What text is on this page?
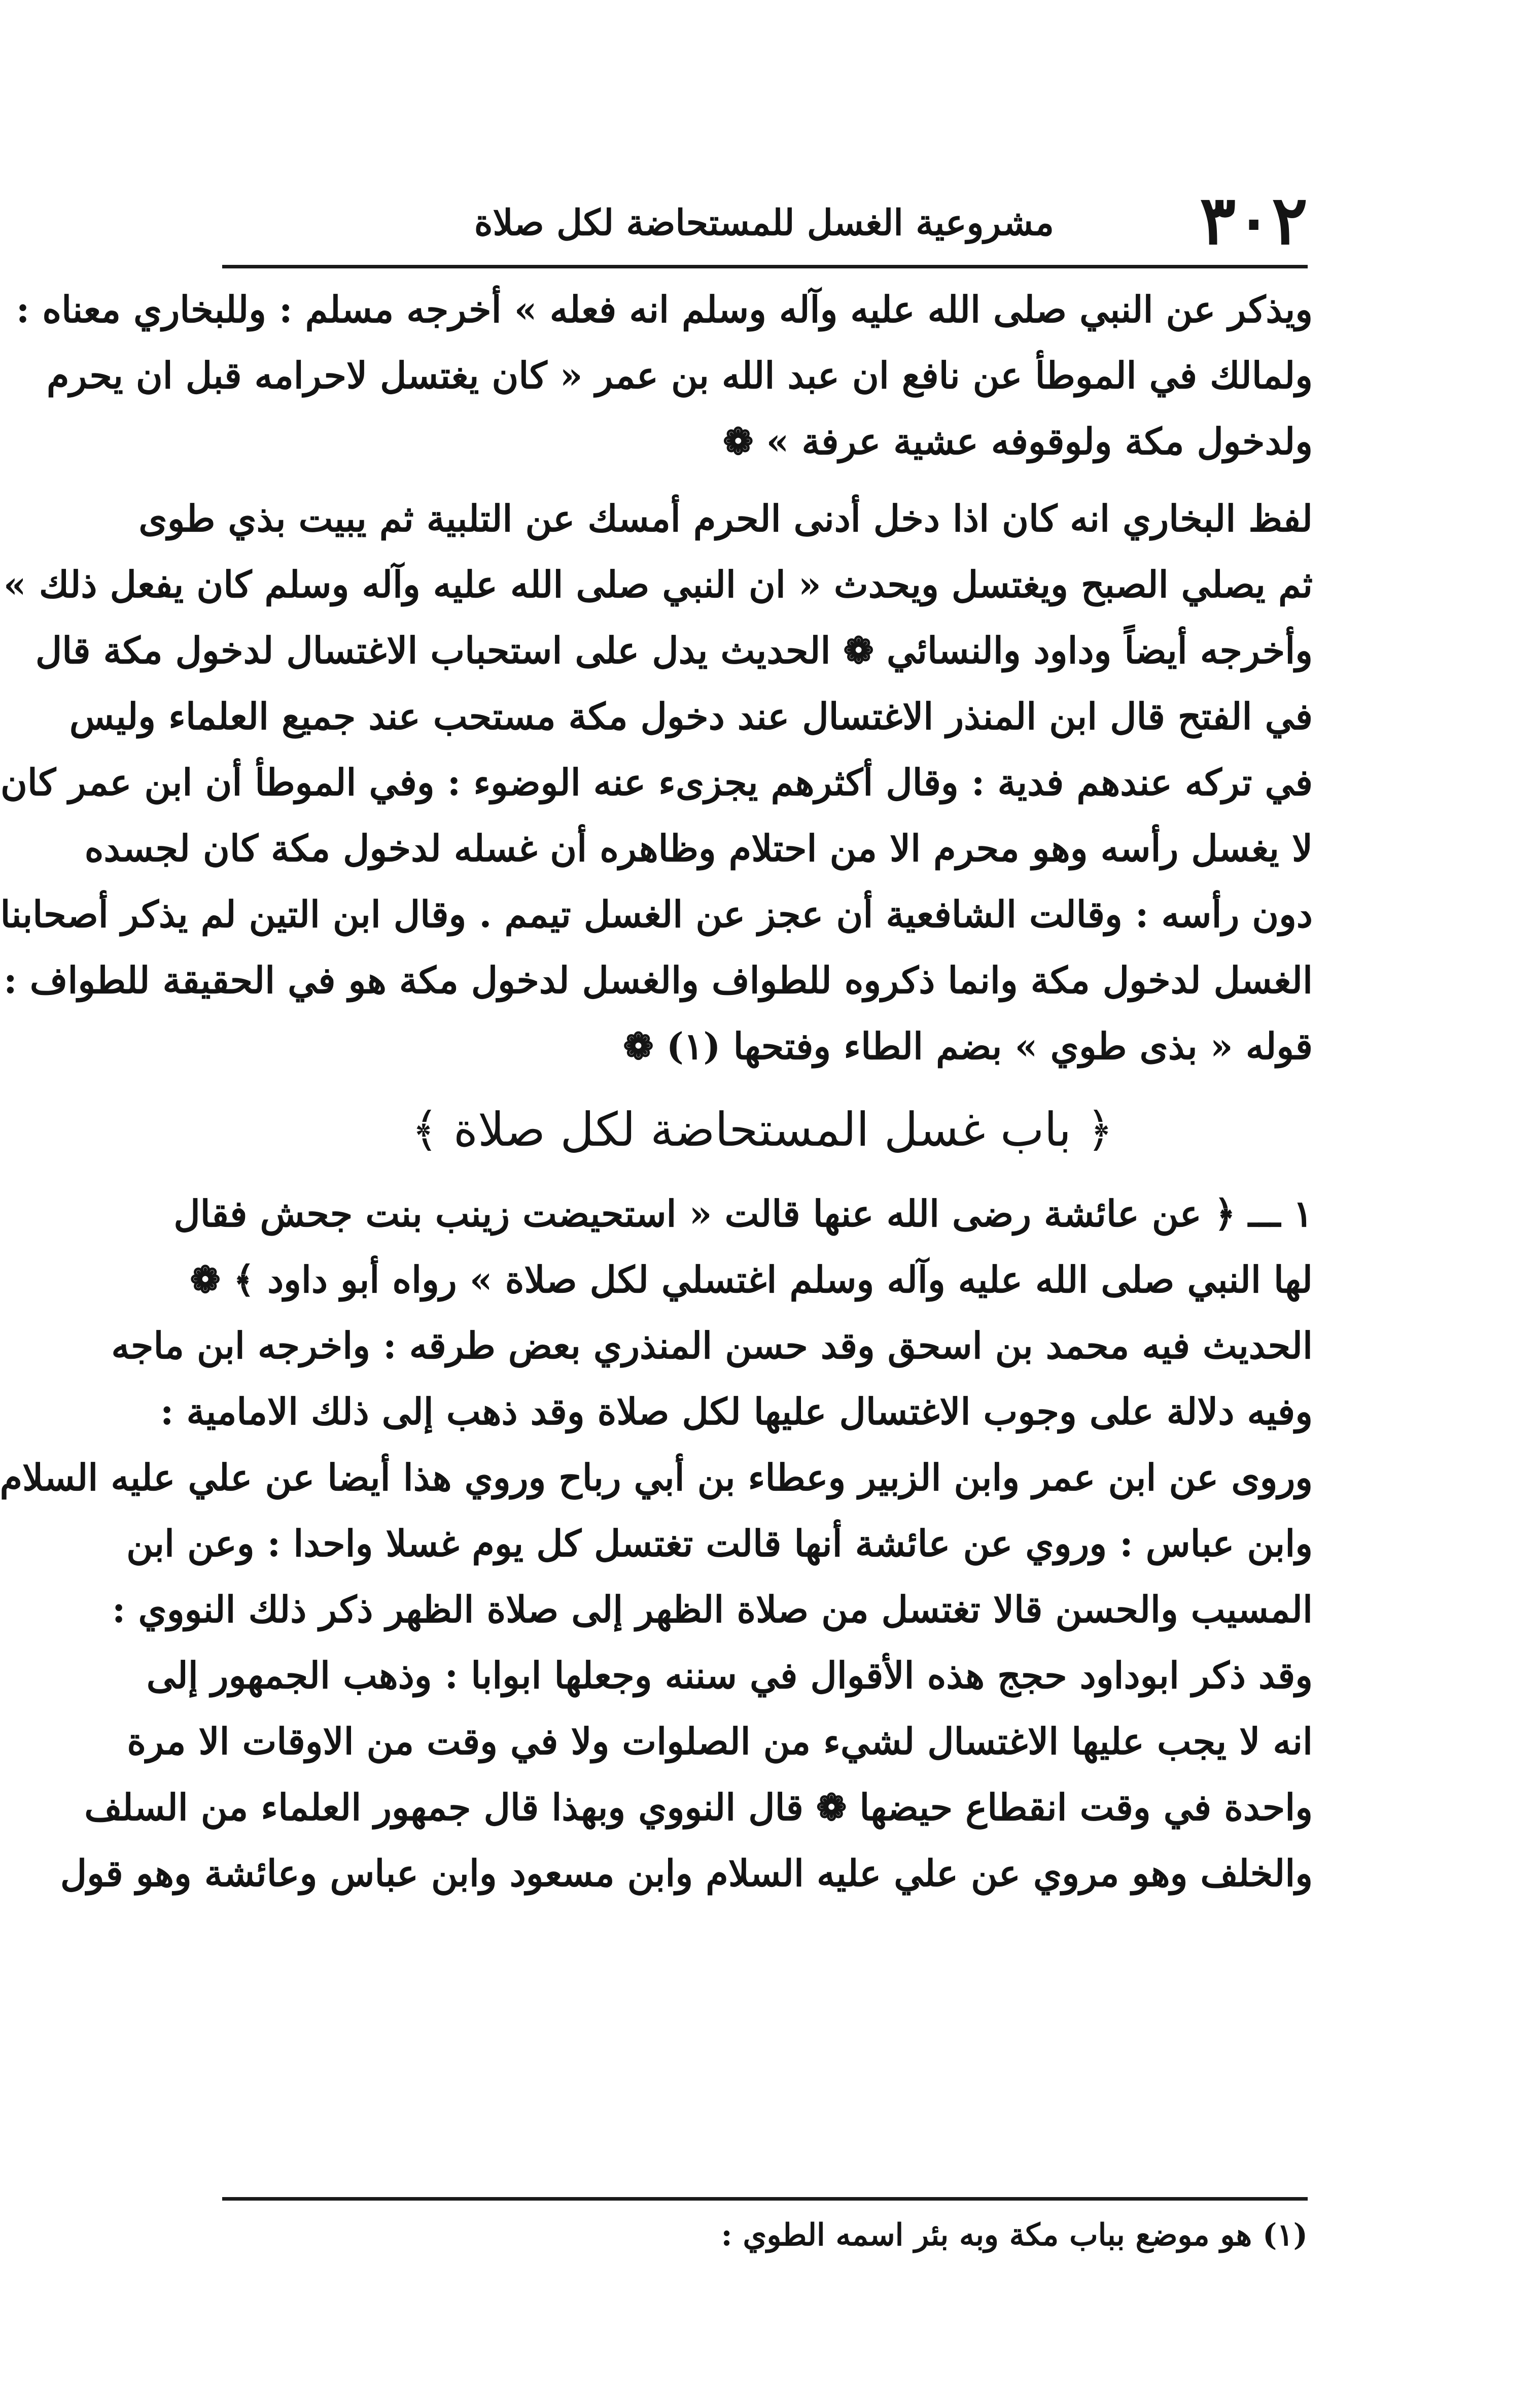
٣٠٢
مشروعية الغسل للمستحاضة لكل صلاة
ويذكر عن النبي صلى الله عليه وآله وسلم انه فعله » أخرجه مسلم : وللبخاري معناه :
ولمالك في الموطأ عن نافع ان عبد الله بن عمر « كان يغتسل لاحرامه قبل ان يحرم
ولدخول مكة ولوقوفه عشية عرفة » ❁
لفظ البخاري انه كان اذا دخل أدنى الحرم أمسك عن التلبية ثم يبيت بذي طوى
ثم يصلي الصبح ويغتسل ويحدث « ان النبي صلى الله عليه وآله وسلم كان يفعل ذلك »
وأخرجه أيضاً وداود والنسائي ❁ الحديث يدل على استحباب الاغتسال لدخول مكة قال
في الفتح قال ابن المنذر الاغتسال عند دخول مكة مستحب عند جميع العلماء وليس
في تركه عندهم فدية : وقال أكثرهم يجزىء عنه الوضوء : وفي الموطأ أن ابن عمر كان
لا يغسل رأسه وهو محرم الا من احتلام وظاهره أن غسله لدخول مكة كان لجسده
دون رأسه : وقالت الشافعية أن عجز عن الغسل تيمم . وقال ابن التين لم يذكر أصحابنا
الغسل لدخول مكة وانما ذكروه للطواف والغسل لدخول مكة هو في الحقيقة للطواف :
قوله « بذى طوي » بضم الطاء وفتحها (١) ❁
﴿ باب غسل المستحاضة لكل صلاة ﴾
١ ـــ ﴿ عن عائشة رضى الله عنها قالت « استحيضت زينب بنت جحش فقال
لها النبي صلى الله عليه وآله وسلم اغتسلي لكل صلاة » رواه أبو داود ﴾ ❁
الحديث فيه محمد بن اسحق وقد حسن المنذري بعض طرقه : واخرجه ابن ماجه
وفيه دلالة على وجوب الاغتسال عليها لكل صلاة وقد ذهب إلى ذلك الامامية :
وروى عن ابن عمر وابن الزبير وعطاء بن أبي رباح وروي هذا أيضا عن علي عليه السلام
وابن عباس : وروي عن عائشة أنها قالت تغتسل كل يوم غسلا واحدا : وعن ابن
المسيب والحسن قالا تغتسل من صلاة الظهر إلى صلاة الظهر ذكر ذلك النووي :
وقد ذكر ابوداود حجج هذه الأقوال في سننه وجعلها ابوابا : وذهب الجمهور إلى
انه لا يجب عليها الاغتسال لشيء من الصلوات ولا في وقت من الاوقات الا مرة
واحدة في وقت انقطاع حيضها ❁ قال النووي وبهذا قال جمهور العلماء من السلف
والخلف وهو مروي عن علي عليه السلام وابن مسعود وابن عباس وعائشة وهو قول
(١) هو موضع بباب مكة وبه بئر اسمه الطوي :
